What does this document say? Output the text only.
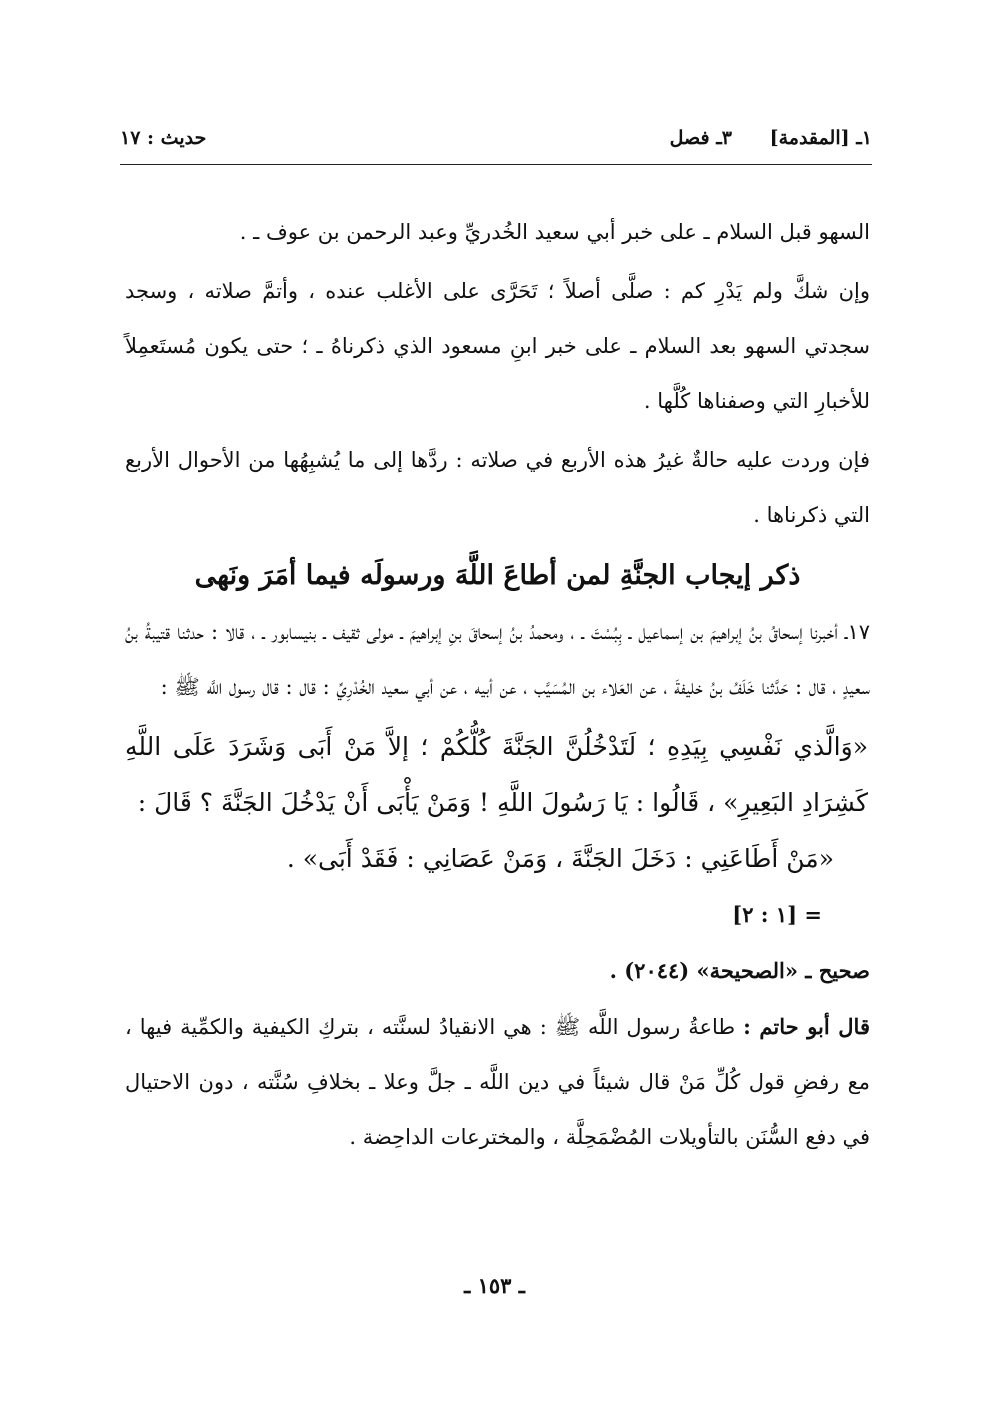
١ـ [المقدمة]
٣ـ فصل
حديث : ١٧

السهو قبل السلام ـ على خبر أبي سعيد الخُدريِّ وعبد الرحمن بن عوف ـ .

وإن شكَّ ولم يَدْرِ كم : صلَّى أصلاً ؛ تَحَرَّى على الأغلب عنده ، وأتمَّ صلاته ، وسجد سجدتي السهو بعد السلام ـ على خبر ابنِ مسعود الذي ذكرناهُ ـ ؛ حتى يكون مُستَعمِلاً للأخبارِ التي وصفناها كُلَّها .

فإن وردت عليه حالةٌ غيرُ هذه الأربع في صلاته : ردَّها إلى ما يُشبِهُها من الأحوال الأربع التي ذكرناها .

ذكر إيجاب الجنَّةِ لمن أطاعَ اللَّهَ ورسولَه فيما أمَرَ ونَهى

١٧ـ أخبرنا إسحاقُ بنُ إبراهيمَ بن إسماعيل ـ بِبُسْتَ ـ ، ومحمدُ بنُ إسحاقَ بنِ إبراهيمَ ـ مولى ثقيف ـ بنيسابور ـ ، قالا : حدثنا قتيبةُ بنُ سعيدٍ ، قال : حَدَّثنا خَلَفُ بنُ خليفةَ ، عن العَلاء بن المُسَيَّب ، عن أبيه ، عن أبي سعيد الخُدْرِيِّ : قال : قال رسول اللَّه ﷺ :

«وَالَّذي نَفْسِي بِيَدِهِ ؛ لَتَدْخُلُنَّ الجَنَّةَ كُلُّكُمْ ؛ إلاَّ مَنْ أَبَى وَشَرَدَ عَلَى اللَّهِ كَشِرَادِ البَعِيرِ» ، قَالُوا : يَا رَسُولَ اللَّهِ ! وَمَنْ يَأْبَى أَنْ يَدْخُلَ الجَنَّةَ ؟ قَالَ :

«مَنْ أَطَاعَنِي : دَخَلَ الجَنَّةَ ، وَمَنْ عَصَانِي : فَقَدْ أَبَى» .

= [١ : ٢]

صحيح ـ «الصحيحة» (٢٠٤٤) .

قال أبو حاتم : طاعةُ رسول اللَّه ﷺ : هي الانقيادُ لسنَّته ، بتركِ الكيفية والكمِّية فيها ، مع رفضِ قول كُلِّ مَنْ قال شيئاً في دين اللَّه ـ جلَّ وعلا ـ بخلافِ سُنَّته ، دون الاحتيال في دفع السُّنَن بالتأويلات المُضْمَحِلَّة ، والمخترعات الداحِضة .

ـ ١٥٣ ـ
